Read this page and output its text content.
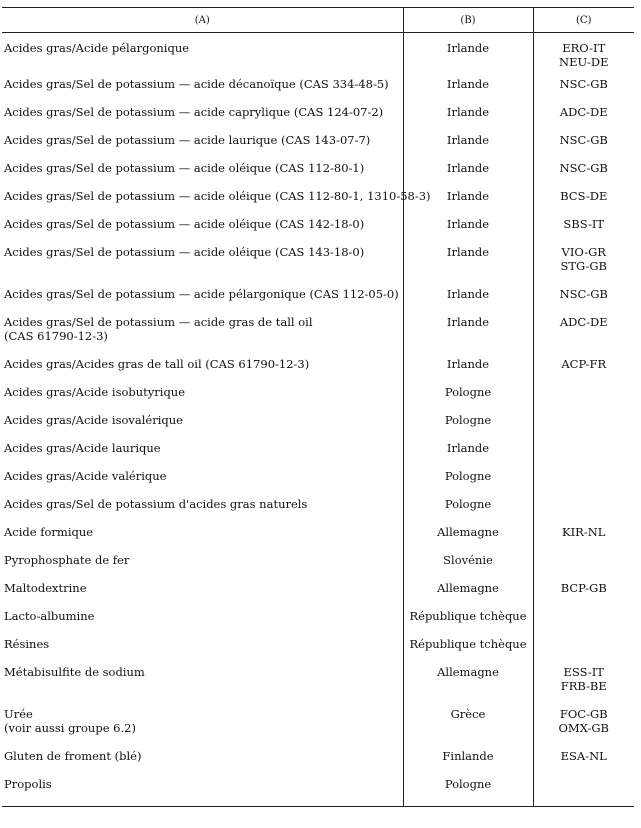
(A)	(B)	(C)

Acides gras/Acide pélargonique	Irlande	ERO-IT
NEU-DE

Acides gras/Sel de potassium — acide décanoïque (CAS 334-48-5)	Irlande	NSC-GB

Acides gras/Sel de potassium — acide caprylique (CAS 124-07-2)	Irlande	ADC-DE

Acides gras/Sel de potassium — acide laurique (CAS 143-07-7)	Irlande	NSC-GB

Acides gras/Sel de potassium — acide oléique (CAS 112-80-1)	Irlande	NSC-GB

Acides gras/Sel de potassium — acide oléique (CAS 112-80-1, 1310-58-3)	Irlande	BCS-DE

Acides gras/Sel de potassium — acide oléique (CAS 142-18-0)	Irlande	SBS-IT

Acides gras/Sel de potassium — acide oléique (CAS 143-18-0)	Irlande	VIO-GR
STG-GB

Acides gras/Sel de potassium — acide pélargonique (CAS 112-05-0)	Irlande	NSC-GB

Acides gras/Sel de potassium — acide gras de tall oil
(CAS 61790-12-3)	Irlande	ADC-DE

Acides gras/Acides gras de tall oil (CAS 61790-12-3)	Irlande	ACP-FR

Acides gras/Acide isobutyrique	Pologne	

Acides gras/Acide isovalérique	Pologne	

Acides gras/Acide laurique	Irlande	

Acides gras/Acide valérique	Pologne	

Acides gras/Sel de potassium d'acides gras naturels	Pologne	

Acide formique	Allemagne	KIR-NL

Pyrophosphate de fer	Slovénie	

Maltodextrine	Allemagne	BCP-GB

Lacto-albumine	République tchèque	

Résines	République tchèque	

Métabisulfite de sodium	Allemagne	ESS-IT
FRB-BE

Urée
(voir aussi groupe 6.2)	Grèce	FOC-GB
OMX-GB

Gluten de froment (blé)	Finlande	ESA-NL

Propolis	Pologne	
